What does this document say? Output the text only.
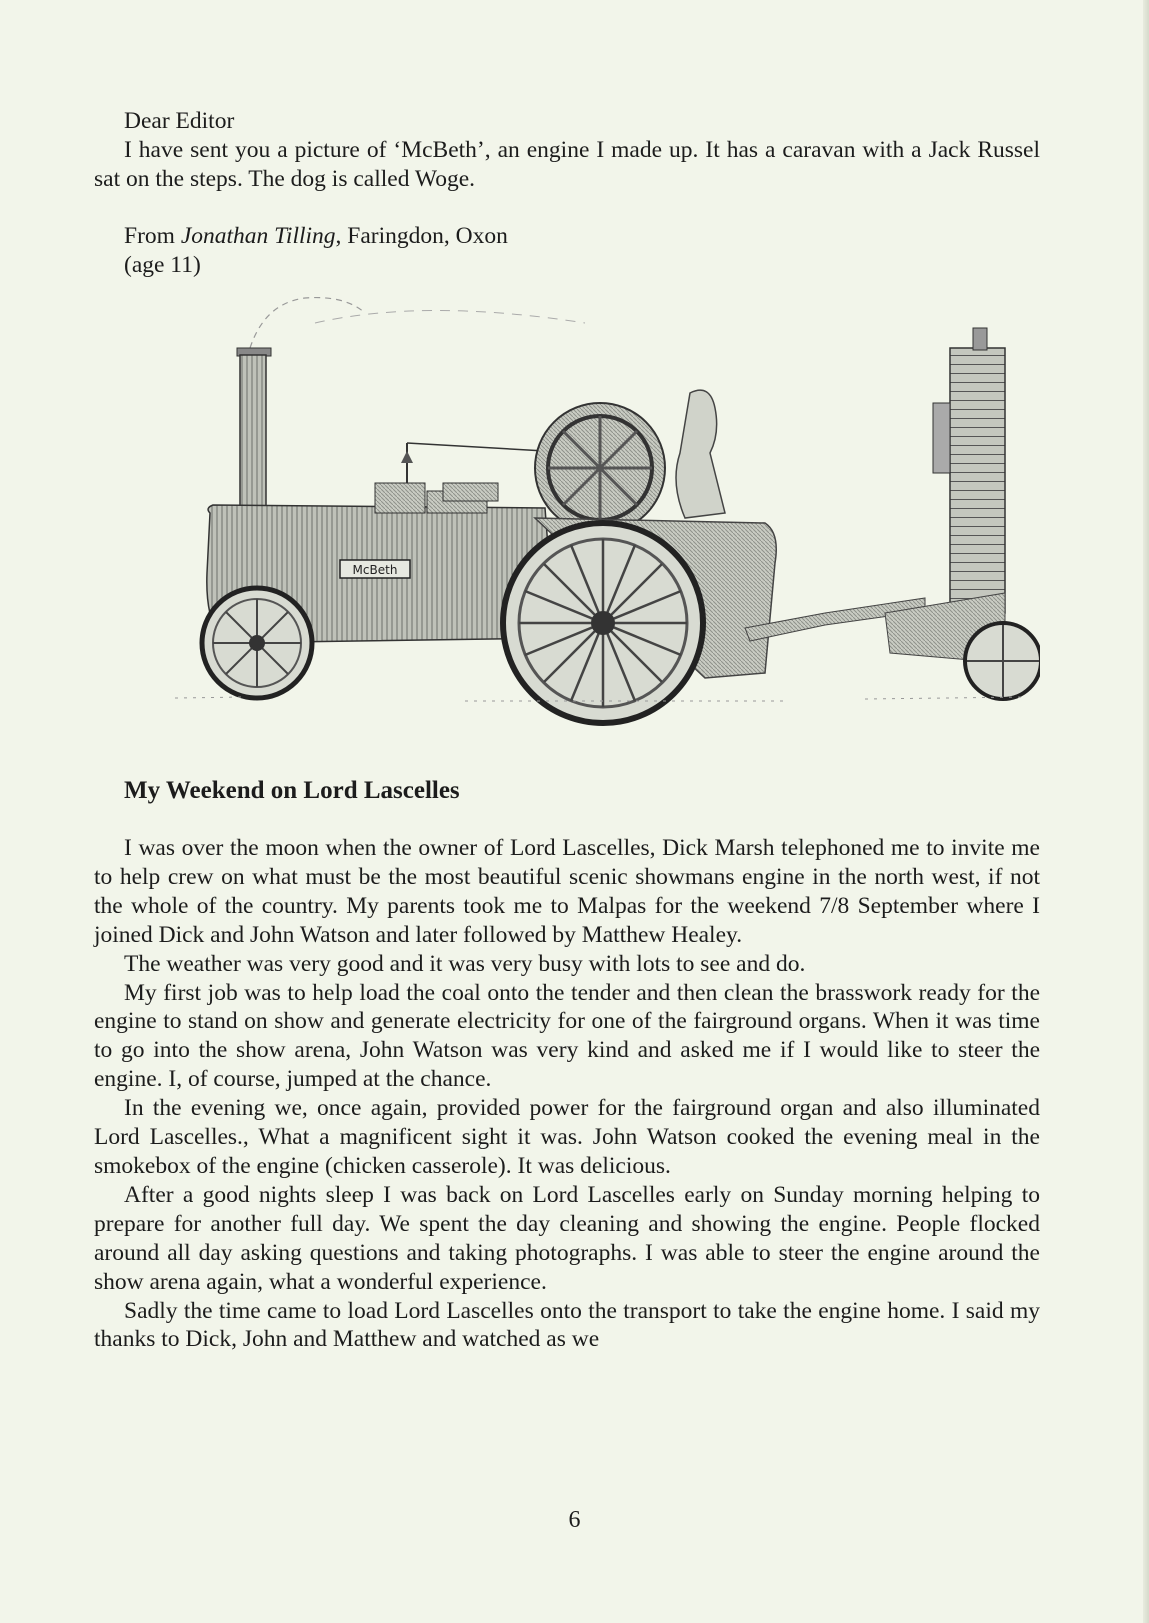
Dear Editor

I have sent you a picture of ‘McBeth’, an engine I made up. It has a caravan with a Jack Russel sat on the steps. The dog is called Woge.

From Jonathan Tilling, Faringdon, Oxon

(age 11)

McBeth
My Weekend on Lord Lascelles

I was over the moon when the owner of Lord Lascelles, Dick Marsh telephoned me to invite me to help crew on what must be the most beautiful scenic showmans engine in the north west, if not the whole of the country. My parents took me to Malpas for the weekend 7/8 September where I joined Dick and John Watson and later followed by Matthew Healey.

The weather was very good and it was very busy with lots to see and do.

My first job was to help load the coal onto the tender and then clean the brasswork ready for the engine to stand on show and generate electricity for one of the fairground organs. When it was time to go into the show arena, John Watson was very kind and asked me if I would like to steer the engine. I, of course, jumped at the chance.

In the evening we, once again, provided power for the fairground organ and also illuminated Lord Lascelles., What a magnificent sight it was. John Watson cooked the evening meal in the smokebox of the engine (chicken casserole). It was delicious.

After a good nights sleep I was back on Lord Lascelles early on Sunday morning helping to prepare for another full day. We spent the day cleaning and showing the engine. People flocked around all day asking questions and taking photographs. I was able to steer the engine around the show arena again, what a wonderful experience.

Sadly the time came to load Lord Lascelles onto the transport to take the engine home. I said my thanks to Dick, John and Matthew and watched as we

6
